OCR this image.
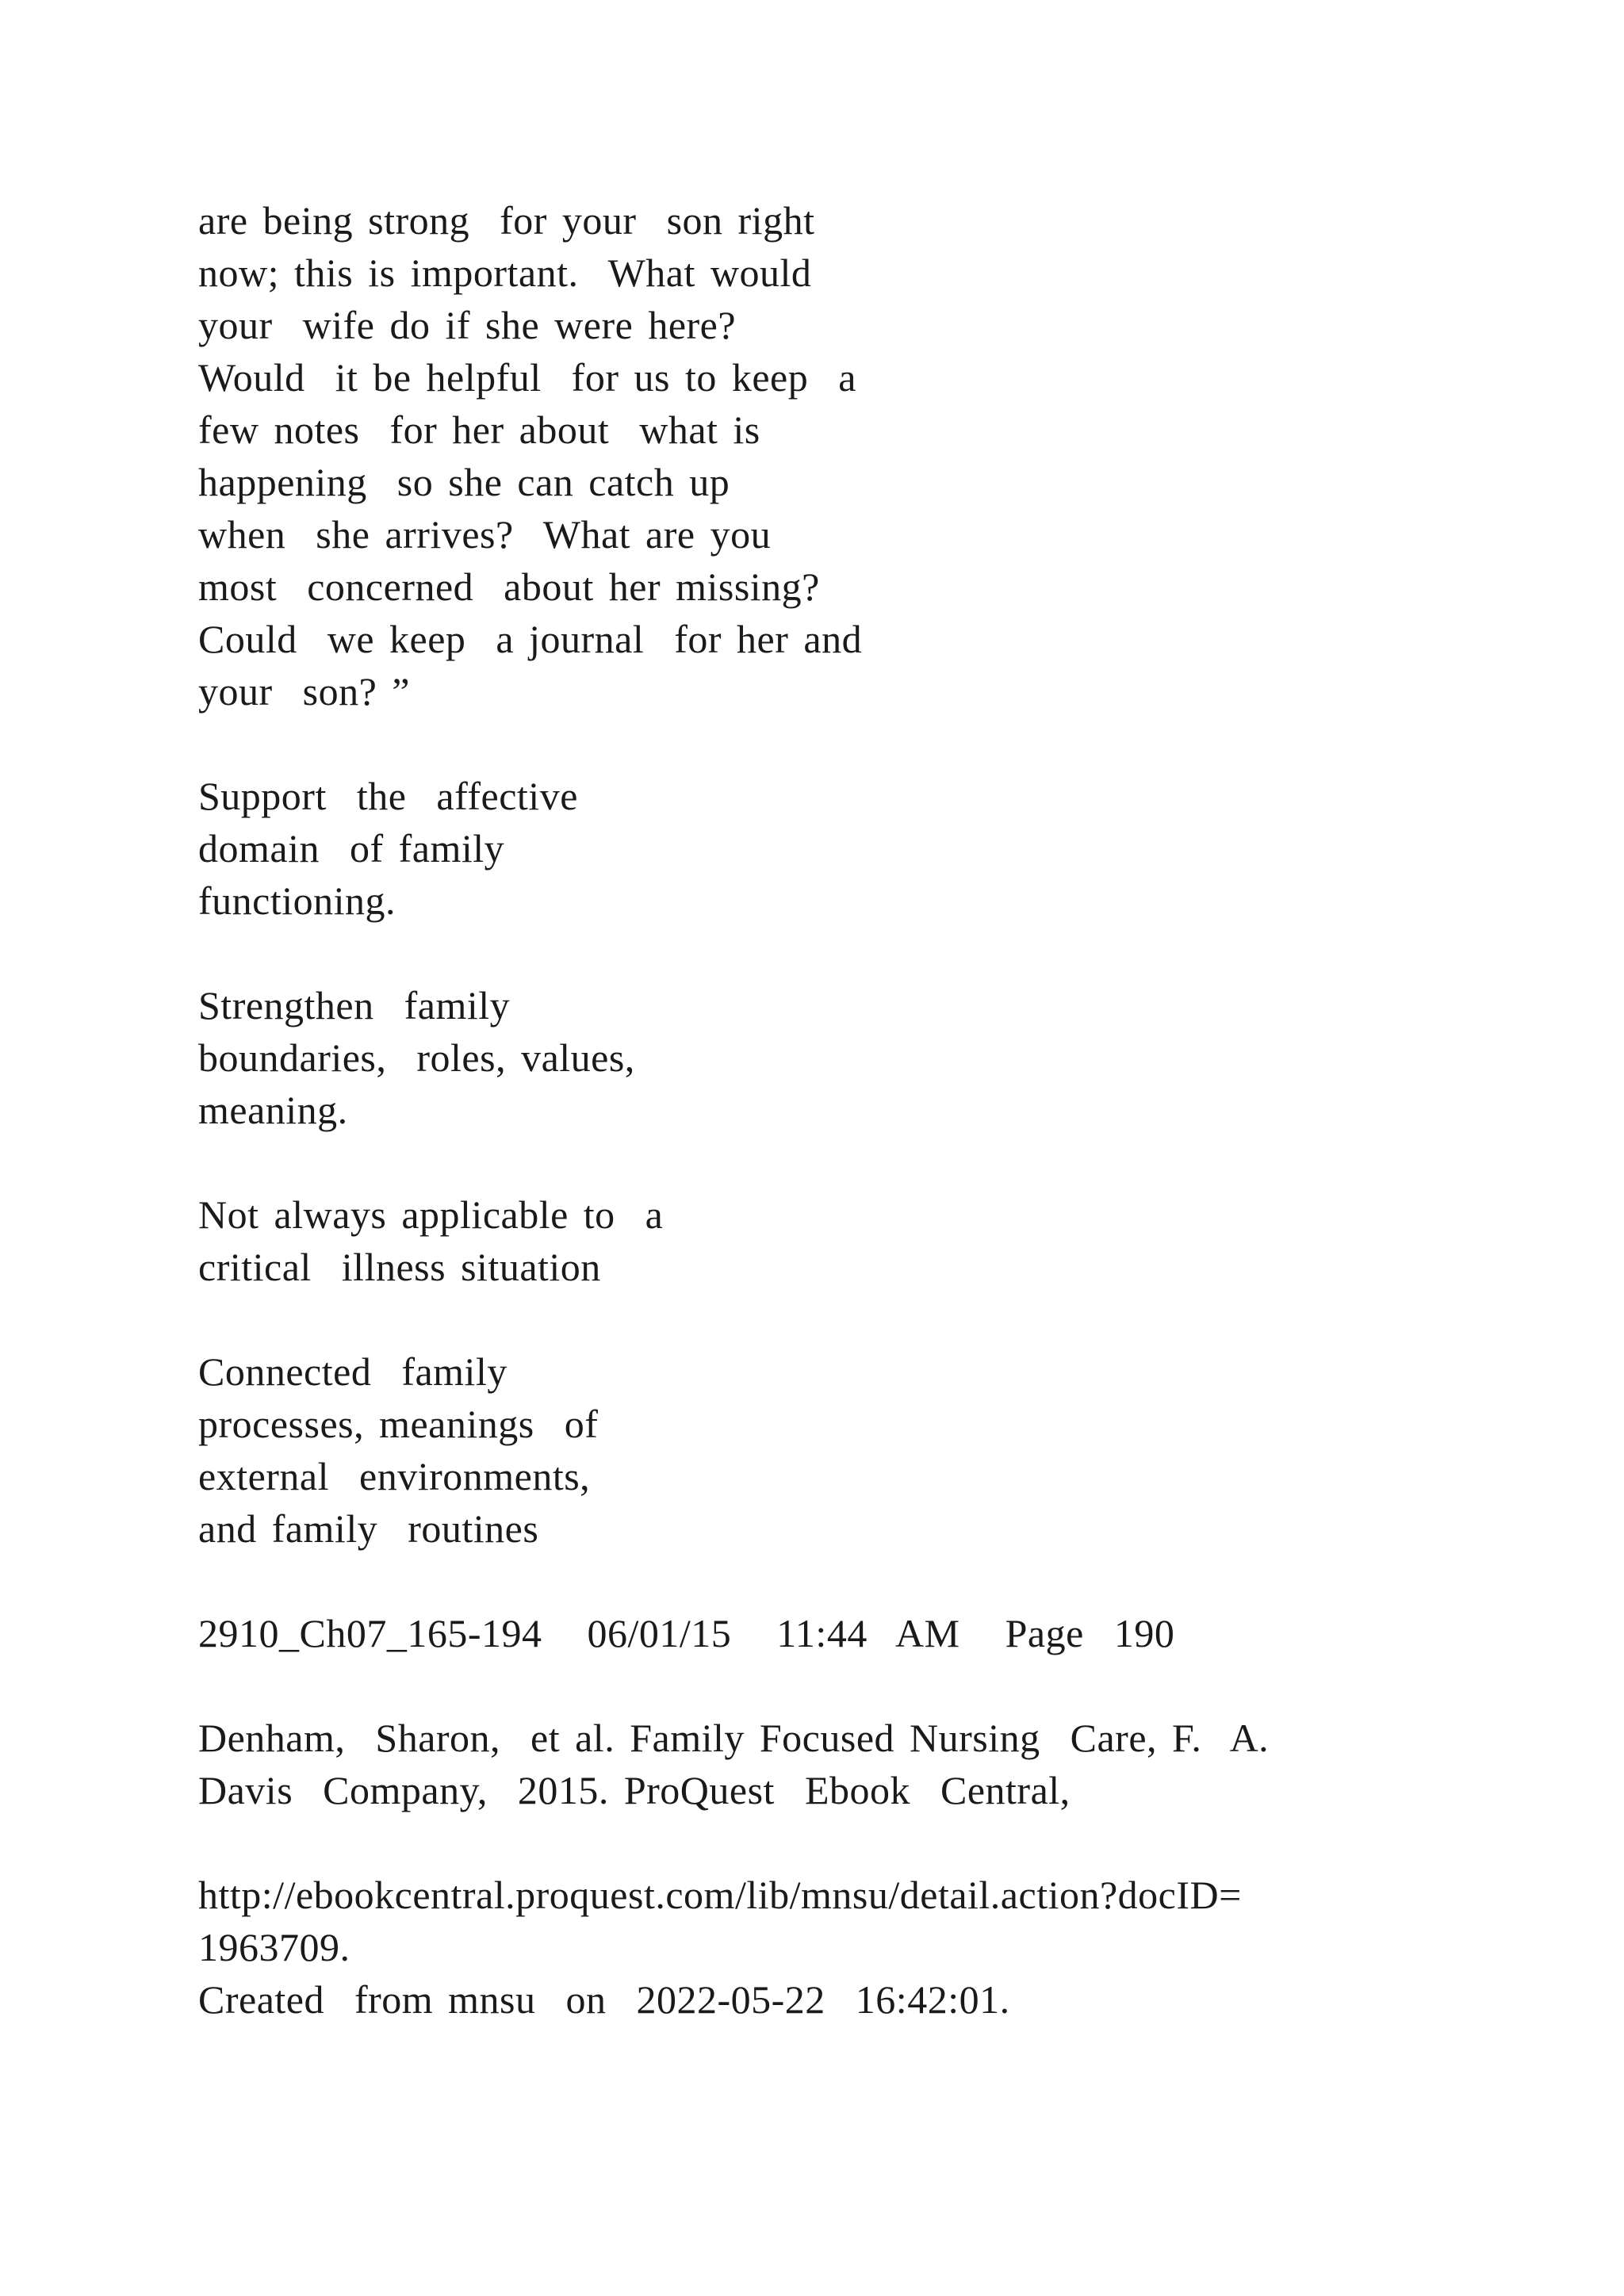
are being strong  for your  son right
now; this is important.  What would
your  wife do if she were here?
Would  it be helpful  for us to keep  a
few notes  for her about  what is
happening  so she can catch up
when  she arrives?  What are you
most  concerned  about her missing?
Could  we keep  a journal  for her and
your  son? ”
Support  the  affective
domain  of family
functioning.
Strengthen  family
boundaries,  roles, values,
meaning.
Not always applicable to  a
critical  illness situation
Connected  family
processes, meanings  of
external  environments,
and family  routines
2910_Ch07_165-194   06/01/15   11:44  AM   Page  190
Denham,  Sharon,  et al. Family Focused Nursing  Care, F.  A.
Davis  Company,  2015. ProQuest  Ebook  Central,
http://ebookcentral.proquest.com/lib/mnsu/detail.action?docID=
1963709.
Created  from mnsu  on  2022-05-22  16:42:01.
